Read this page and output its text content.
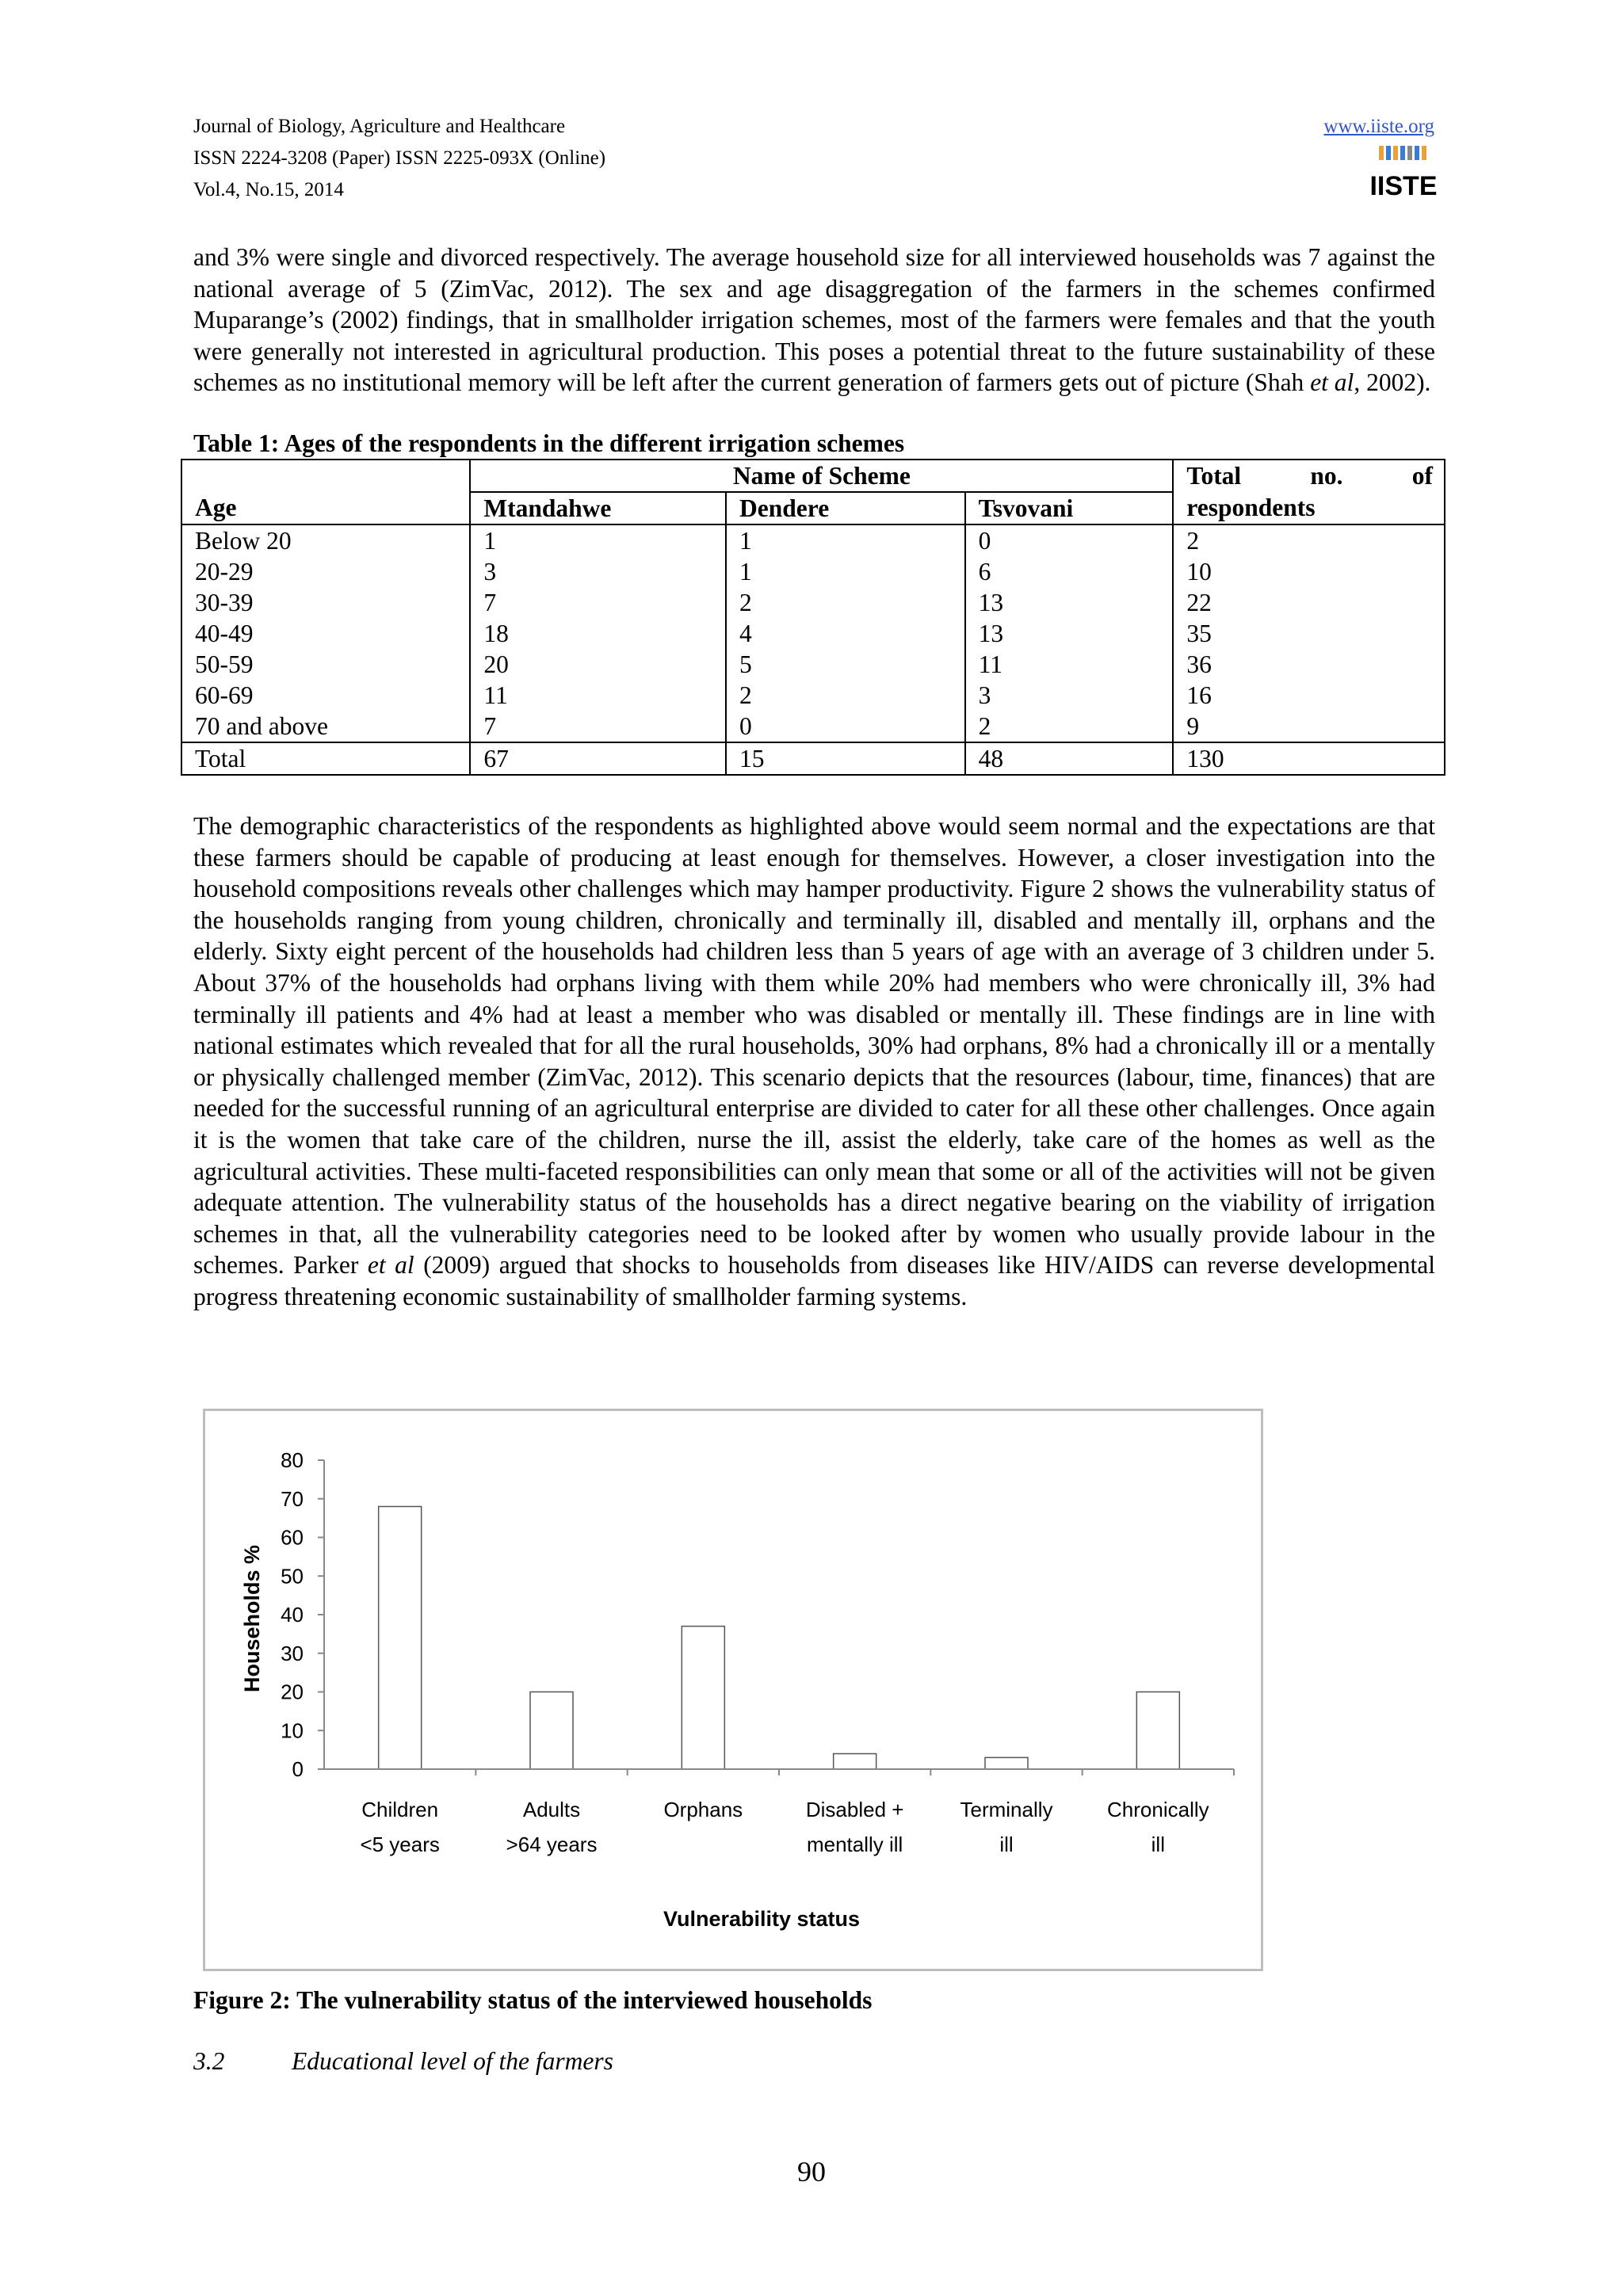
Journal of Biology, Agriculture and Healthcare
ISSN 2224-3208 (Paper) ISSN 2225-093X (Online)
Vol.4, No.15, 2014
www.iiste.org
IISTE

and 3% were single and divorced respectively. The average household size for all interviewed households was 7 against the national average of 5 (ZimVac, 2012). The sex and age disaggregation of the farmers in the schemes confirmed Muparange’s (2002) findings, that in smallholder irrigation schemes, most of the farmers were females and that the youth were generally not interested in agricultural production. This poses a potential threat to the future sustainability of these schemes as no institutional memory will be left after the current generation of farmers gets out of picture (Shah et al, 2002).

Table 1: Ages of the respondents in the different irrigation schemes
	Name of Scheme			Total no. of

Age	Mtandahwe	Dendere	Tsvovani	respondents
Below 20	1	1	0	2
20-29	3	1	6	10
30-39	7	2	13	22
40-49	18	4	13	35
50-59	20	5	11	36
60-69	11	2	3	16
70 and above	7	0	2	9
Total	67	15	48	130

The demographic characteristics of the respondents as highlighted above would seem normal and the expectations are that these farmers should be capable of producing at least enough for themselves. However, a closer investigation into the household compositions reveals other challenges which may hamper productivity. Figure 2 shows the vulnerability status of the households ranging from young children, chronically and terminally ill, disabled and mentally ill, orphans and the elderly. Sixty eight percent of the households had children less than 5 years of age with an average of 3 children under 5. About 37% of the households had orphans living with them while 20% had members who were chronically ill, 3% had terminally ill patients and 4% had at least a member who was disabled or mentally ill. These findings are in line with national estimates which revealed that for all the rural households, 30% had orphans, 8% had a chronically ill or a mentally or physically challenged member (ZimVac, 2012). This scenario depicts that the resources (labour, time, finances) that are needed for the successful running of an agricultural enterprise are divided to cater for all these other challenges. Once again it is the women that take care of the children, nurse the ill, assist the elderly, take care of the homes as well as the agricultural activities. These multi-faceted responsibilities can only mean that some or all of the activities will not be given adequate attention. The vulnerability status of the households has a direct negative bearing on the viability of irrigation schemes in that, all the vulnerability categories need to be looked after by women who usually provide labour in the schemes. Parker et al (2009) argued that shocks to households from diseases like HIV/AIDS can reverse developmental progress threatening economic sustainability of smallholder farming systems.

0
10
20
30
40
50
60
70
80
Children
<5 years
Adults
>64 years
Orphans	Disabled +
mentally ill
Terminally
ill
Chronically
ill
Households %
Vulnerability status
Figure 2: The vulnerability status of the interviewed households
3.2	Educational level of the farmers
90
